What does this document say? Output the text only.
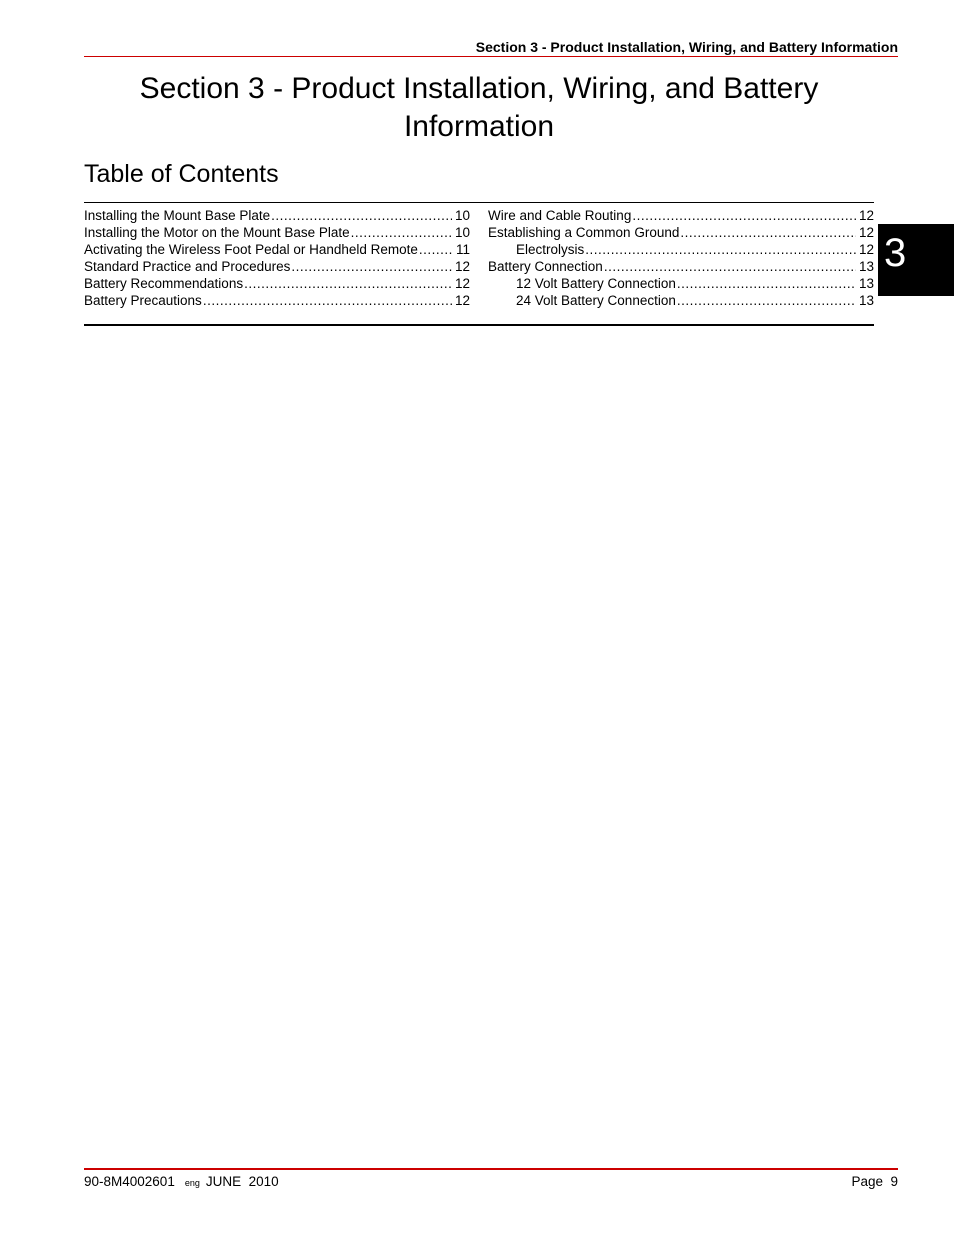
Section 3 - Product Installation, Wiring, and Battery Information
Section 3 - Product Installation, Wiring, and Battery Information
Table of Contents
Installing the Mount Base Plate .....	10
Installing the Motor on the Mount Base Plate .....	10
Activating the Wireless Foot Pedal or Handheld Remote .....	11
Standard Practice and Procedures .....	12
Battery Recommendations .....	12
Battery Precautions .....	12
Wire and Cable Routing .....	12
Establishing a Common Ground .....	12
Electrolysis .....	12
Battery Connection .....	13
12 Volt Battery Connection .....	13
24 Volt Battery Connection .....	13
3
90-8M4002601 eng JUNE  2010	Page  9
